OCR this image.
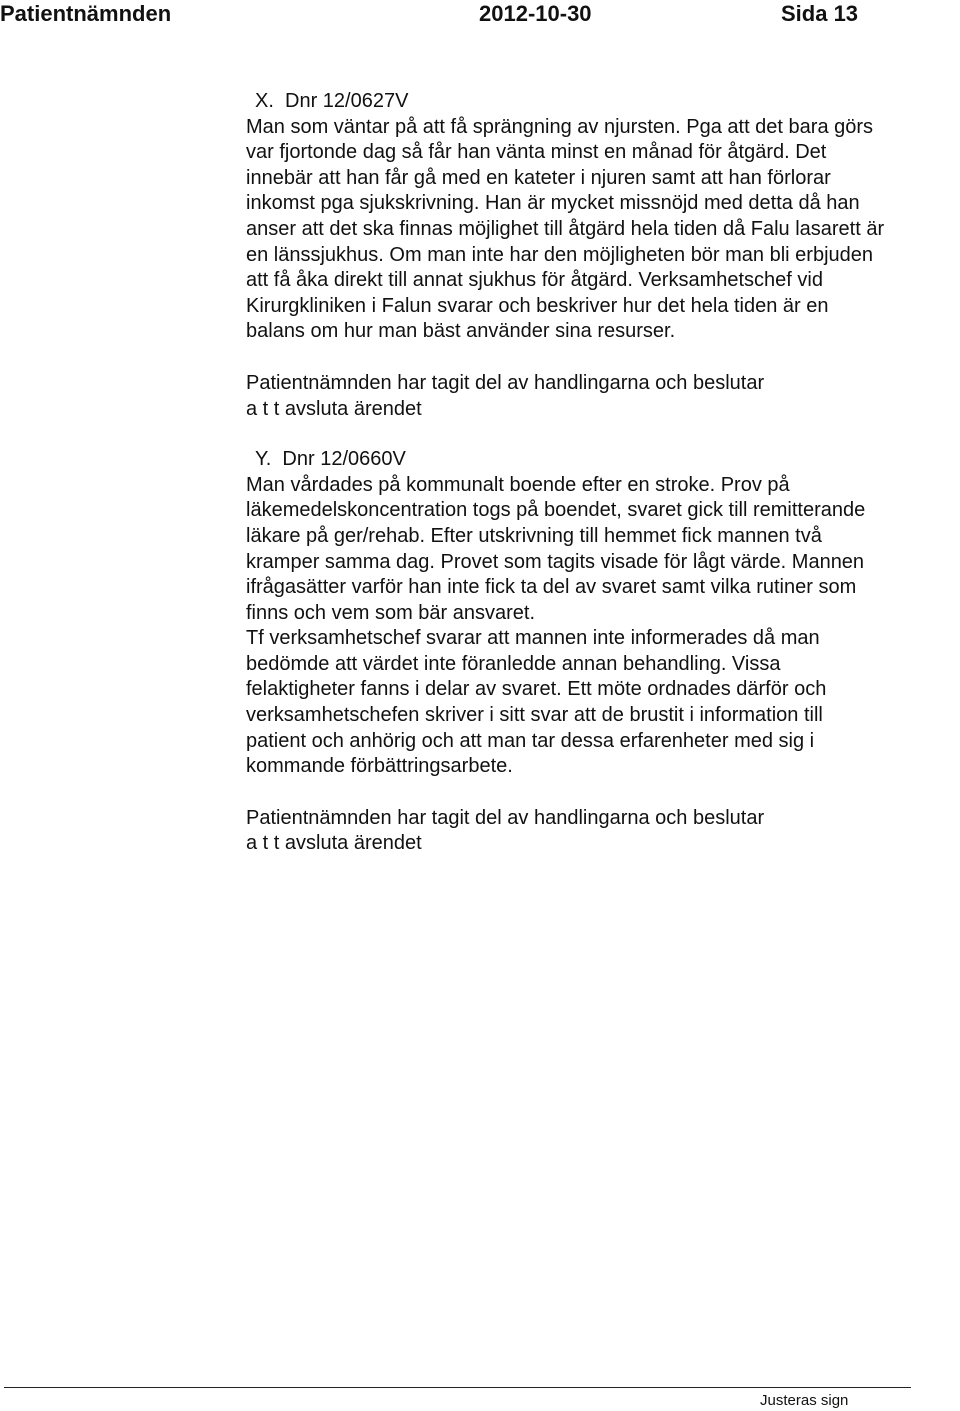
Patientnämnden	2012-10-30	Sida 13

X.  Dnr 12/0627V

Man som väntar på att få sprängning av njursten. Pga att det bara görs

var fjortonde dag så får han vänta minst en månad för åtgärd. Det

innebär att han får gå med en kateter i njuren samt att han förlorar

inkomst pga sjukskrivning. Han är mycket missnöjd med detta då han

anser att det ska finnas möjlighet till åtgärd hela tiden då Falu lasarett är

en länssjukhus. Om man inte har den möjligheten bör man bli erbjuden

att få åka direkt till annat sjukhus för åtgärd. Verksamhetschef vid

Kirurgkliniken i Falun svarar och beskriver hur det hela tiden är en

balans om hur man bäst använder sina resurser.

Patientnämnden har tagit del av handlingarna och beslutar

a t t avsluta ärendet

Y.  Dnr 12/0660V

Man vårdades på kommunalt boende efter en stroke. Prov på

läkemedelskoncentration togs på boendet, svaret gick till remitterande

läkare på ger/rehab. Efter utskrivning till hemmet fick mannen två

kramper samma dag. Provet som tagits visade för lågt värde. Mannen

ifrågasätter varför han inte fick ta del av svaret samt vilka rutiner som

finns och vem som bär ansvaret.

Tf verksamhetschef svarar att mannen inte informerades då man

bedömde att värdet inte föranledde annan behandling. Vissa

felaktigheter fanns i delar av svaret. Ett möte ordnades därför och

verksamhetschefen skriver i sitt svar att de brustit i information till

patient och anhörig och att man tar dessa erfarenheter med sig i

kommande förbättringsarbete.

Patientnämnden har tagit del av handlingarna och beslutar

a t t avsluta ärendet

Justeras sign
